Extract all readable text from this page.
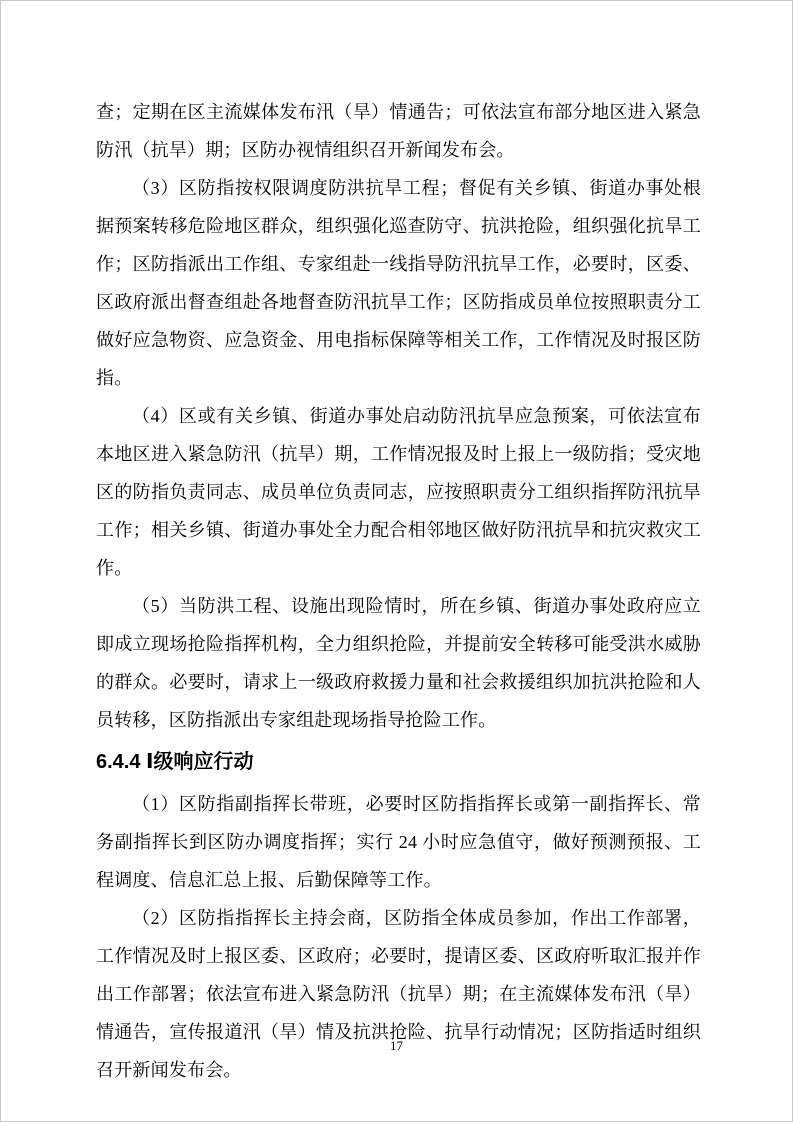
查；定期在区主流媒体发布汛（旱）情通告；可依法宣布部分地区进入紧急防汛（抗旱）期；区防办视情组织召开新闻发布会。

（3）区防指按权限调度防洪抗旱工程；督促有关乡镇、街道办事处根据预案转移危险地区群众，组织强化巡查防守、抗洪抢险，组织强化抗旱工作；区防指派出工作组、专家组赴一线指导防汛抗旱工作，必要时，区委、区政府派出督查组赴各地督查防汛抗旱工作；区防指成员单位按照职责分工做好应急物资、应急资金、用电指标保障等相关工作，工作情况及时报区防指。

（4）区或有关乡镇、街道办事处启动防汛抗旱应急预案，可依法宣布本地区进入紧急防汛（抗旱）期，工作情况报及时上报上一级防指；受灾地区的防指负责同志、成员单位负责同志，应按照职责分工组织指挥防汛抗旱工作；相关乡镇、街道办事处全力配合相邻地区做好防汛抗旱和抗灾救灾工作。

（5）当防洪工程、设施出现险情时，所在乡镇、街道办事处政府应立即成立现场抢险指挥机构，全力组织抢险，并提前安全转移可能受洪水威胁的群众。必要时，请求上一级政府救援力量和社会救援组织加抗洪抢险和人员转移，区防指派出专家组赴现场指导抢险工作。

6.4.4 Ⅰ级响应行动

（1）区防指副指挥长带班，必要时区防指指挥长或第一副指挥长、常务副指挥长到区防办调度指挥；实行 24 小时应急值守，做好预测预报、工程调度、信息汇总上报、后勤保障等工作。

（2）区防指指挥长主持会商，区防指全体成员参加，作出工作部署，工作情况及时上报区委、区政府；必要时，提请区委、区政府听取汇报并作出工作部署；依法宣布进入紧急防汛（抗旱）期；在主流媒体发布汛（旱）情通告，宣传报道汛（旱）情及抗洪抢险、抗旱行动情况；区防指适时组织召开新闻发布会。

17
